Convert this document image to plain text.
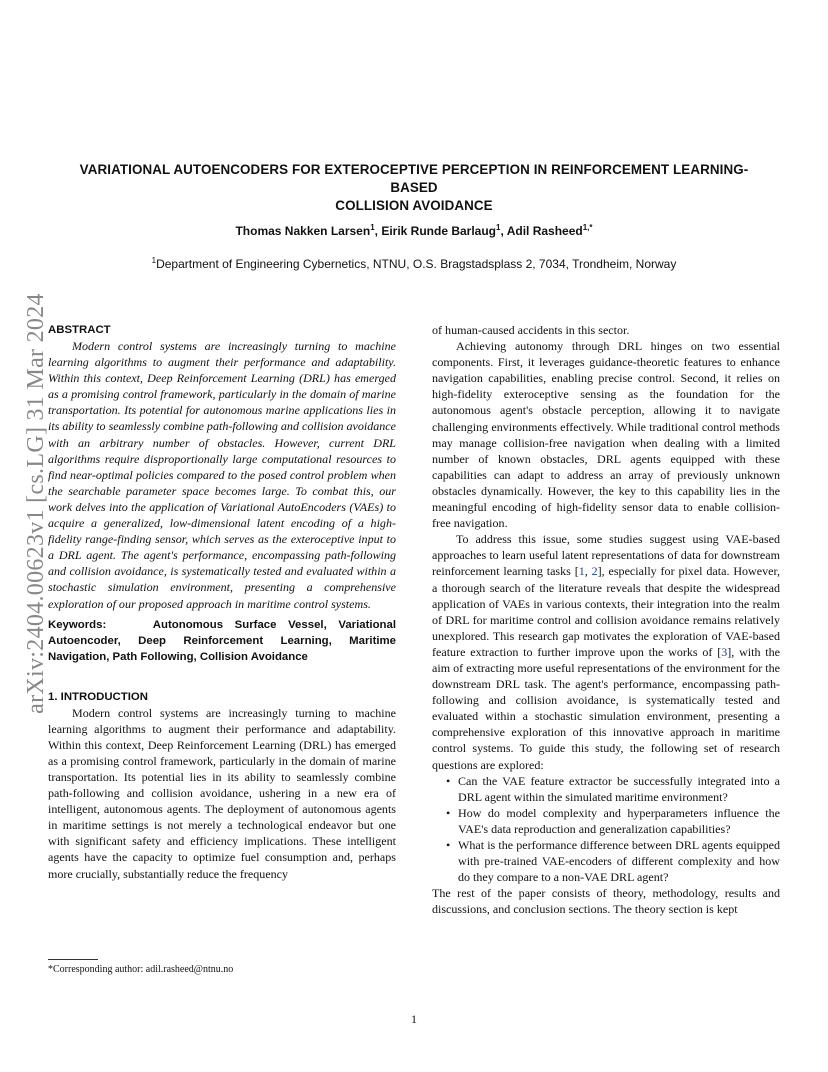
arXiv:2404.00623v1 [cs.LG] 31 Mar 2024
VARIATIONAL AUTOENCODERS FOR EXTEROCEPTIVE PERCEPTION IN REINFORCEMENT LEARNING-BASED
COLLISION AVOIDANCE
Thomas Nakken Larsen$^1$, Eirik Runde Barlaug$^1$, Adil Rasheed$^{1,*}$
$^1$Department of Engineering Cybernetics, NTNU, O.S. Bragstadsplass 2, 7034, Trondheim, Norway
ABSTRACT

Modern control systems are increasingly turning to machine learning algorithms to augment their performance and adaptability. Within this context, Deep Reinforcement Learning (DRL) has emerged as a promising control framework, particularly in the domain of marine transportation. Its potential for autonomous marine applications lies in its ability to seamlessly combine path-following and collision avoidance with an arbitrary number of obstacles. However, current DRL algorithms require disproportionally large computational resources to find near-optimal policies compared to the posed control problem when the searchable parameter space becomes large. To combat this, our work delves into the application of Variational AutoEncoders (VAEs) to acquire a generalized, low-dimensional latent encoding of a high-fidelity range-finding sensor, which serves as the exteroceptive input to a DRL agent. The agent's performance, encompassing path-following and collision avoidance, is systematically tested and evaluated within a stochastic simulation environment, presenting a comprehensive exploration of our proposed approach in maritime control systems.

Keywords:	Autonomous Surface Vessel, Variational Autoencoder, Deep Reinforcement Learning, Maritime Navigation, Path Following, Collision Avoidance
1. INTRODUCTION

Modern control systems are increasingly turning to machine learning algorithms to augment their performance and adaptability. Within this context, Deep Reinforcement Learning (DRL) has emerged as a promising control framework, particularly in the domain of marine transportation. Its potential lies in its ability to seamlessly combine path-following and collision avoidance, ushering in a new era of intelligent, autonomous agents. The deployment of autonomous agents in maritime settings is not merely a technological endeavor but one with significant safety and efficiency implications. These intelligent agents have the capacity to optimize fuel consumption and, perhaps more crucially, substantially reduce the frequency

of human-caused accidents in this sector.

Achieving autonomy through DRL hinges on two essential components. First, it leverages guidance-theoretic features to enhance navigation capabilities, enabling precise control. Second, it relies on high-fidelity exteroceptive sensing as the foundation for the autonomous agent's obstacle perception, allowing it to navigate challenging environments effectively. While traditional control methods may manage collision-free navigation when dealing with a limited number of known obstacles, DRL agents equipped with these capabilities can adapt to address an array of previously unknown obstacles dynamically. However, the key to this capability lies in the meaningful encoding of high-fidelity sensor data to enable collision-free navigation.

To address this issue, some studies suggest using VAE-based approaches to learn useful latent representations of data for downstream reinforcement learning tasks [1, 2], especially for pixel data. However, a thorough search of the literature reveals that despite the widespread application of VAEs in various contexts, their integration into the realm of DRL for maritime control and collision avoidance remains relatively unexplored. This research gap motivates the exploration of VAE-based feature extraction to further improve upon the works of [3], with the aim of extracting more useful representations of the environment for the downstream DRL task. The agent's performance, encompassing path-following and collision avoidance, is systematically tested and evaluated within a stochastic simulation environment, presenting a comprehensive exploration of this innovative approach in maritime control systems. To guide this study, the following set of research questions are explored:

• Can the VAE feature extractor be successfully integrated into a DRL agent within the simulated maritime environment?
• How do model complexity and hyperparameters influence the VAE's data reproduction and generalization capabilities?
• What is the performance difference between DRL agents equipped with pre-trained VAE-encoders of different complexity and how do they compare to a non-VAE DRL agent?

The rest of the paper consists of theory, methodology, results and discussions, and conclusion sections. The theory section is kept

*Corresponding author: adil.rasheed@ntnu.no
1
